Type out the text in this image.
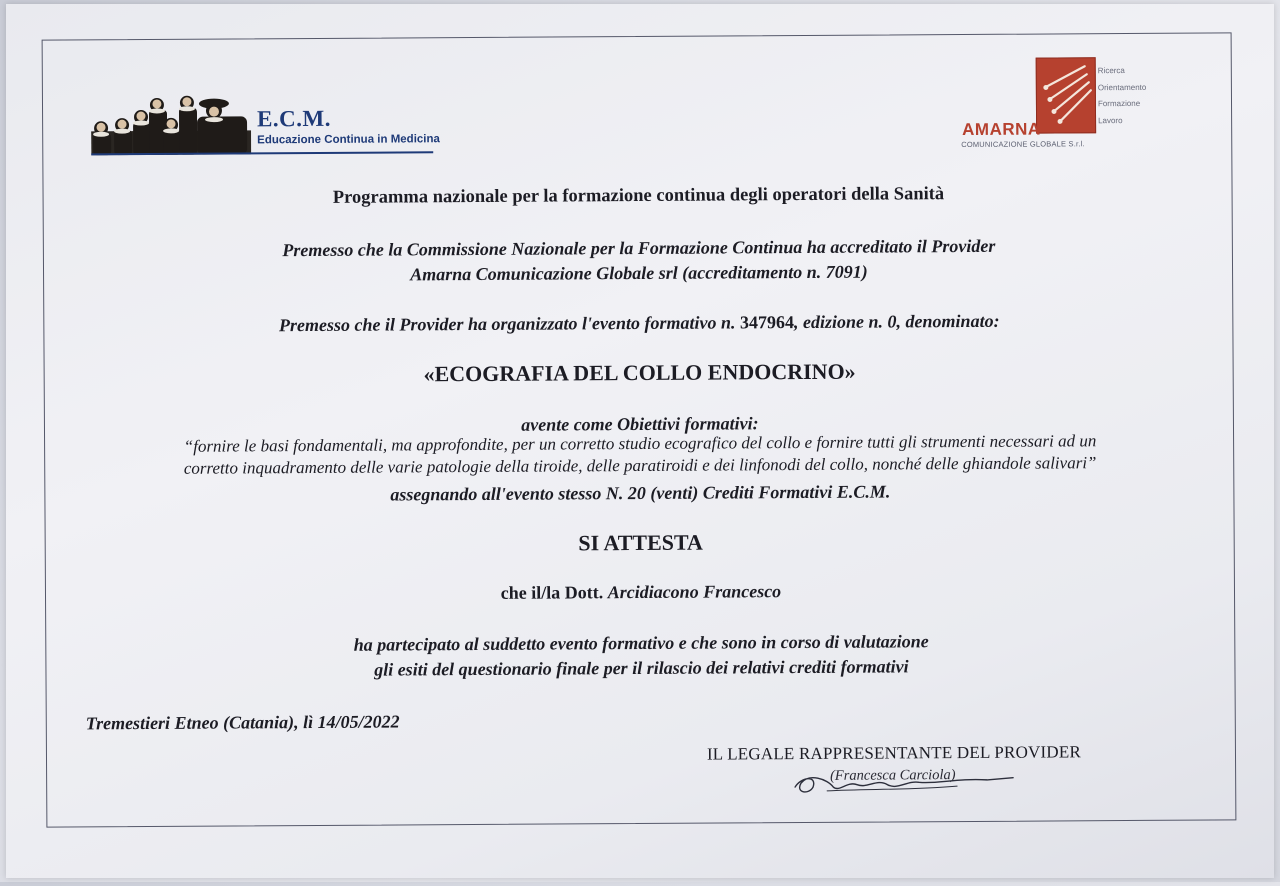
E.C.M.
Educazione Continua in Medicina
AMARNA
COMUNICAZIONE GLOBALE S.r.l.
Ricerca
Orientamento
Formazione
Lavoro
Programma nazionale per la formazione continua degli operatori della Sanità
Premesso che la Commissione Nazionale per la Formazione Continua ha accreditato il Provider
Amarna Comunicazione Globale srl (accreditamento n. 7091)
Premesso che il Provider ha organizzato l'evento formativo n. 347964, edizione n. 0, denominato:
«ECOGRAFIA DEL COLLO ENDOCRINO»
avente come Obiettivi formativi:
“fornire le basi fondamentali, ma approfondite, per un corretto studio ecografico del collo e fornire tutti gli strumenti necessari ad un
corretto inquadramento delle varie patologie della tiroide, delle paratiroidi e dei linfonodi del collo, nonché delle ghiandole salivari”
assegnando all'evento stesso N. 20 (venti) Crediti Formativi E.C.M.
SI ATTESTA
che il/la Dott. Arcidiacono Francesco
ha partecipato al suddetto evento formativo e che sono in corso di valutazione
gli esiti del questionario finale per il rilascio dei relativi crediti formativi
Tremestieri Etneo (Catania), lì 14/05/2022
IL LEGALE RAPPRESENTANTE DEL PROVIDER
(Francesca Carciola)
